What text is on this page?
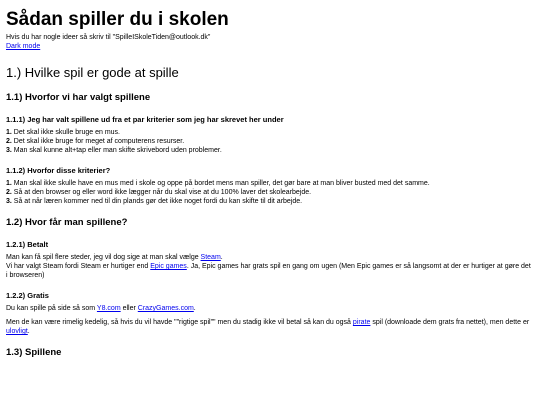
Sådan spiller du i skolen
Hvis du har nogle ideer så skriv til "SpilleISkoleTiden@outlook.dk"
Dark mode
1.) Hvilke spil er gode at spille
1.1) Hvorfor vi har valgt spillene
1.1.1) Jeg har valt spillene ud fra et par kriterier som jeg har skrevet her under
1. Det skal ikke skulle bruge en mus.
2. Det skal ikke bruge for meget af computerens resurser.
3. Man skal kunne alt+tap eller man skifte skrivebord uden problemer.
1.1.2) Hvorfor disse kriterier?
1. Man skal ikke skulle have en mus med i skole og oppe på bordet mens man spiller, det gør bare at man bliver busted med det samme.
2. Så at den browser og eller word ikke lægger når du skal vise at du 100% laver det skolearbejde.
3. Så at når læren kommer ned til din plands gør det ikke noget fordi du kan skifte til dit arbejde.
1.2) Hvor får man spillene?
1.2.1) Betalt

Man kan få spil flere steder, jeg vil dog sige at man skal vælge Steam.
Vi har valgt Steam fordi Steam er hurtiger end Epic games. Ja, Epic games har grats spil en gang om ugen (Men Epic games er så langsomt at der er hurtiger at gøre det i browseren)

1.2.2) Gratis

Du kan spille på side så som Y8.com eller CrazyGames.com.

Men de kan være rimelig kedelig, så hvis du vil havde ""rigtige spil"" men du stadig ikke vil betal så kan du også pirate spil (downloade dem grats fra nettet), men dette er ulovligt.

1.3) Spillene
